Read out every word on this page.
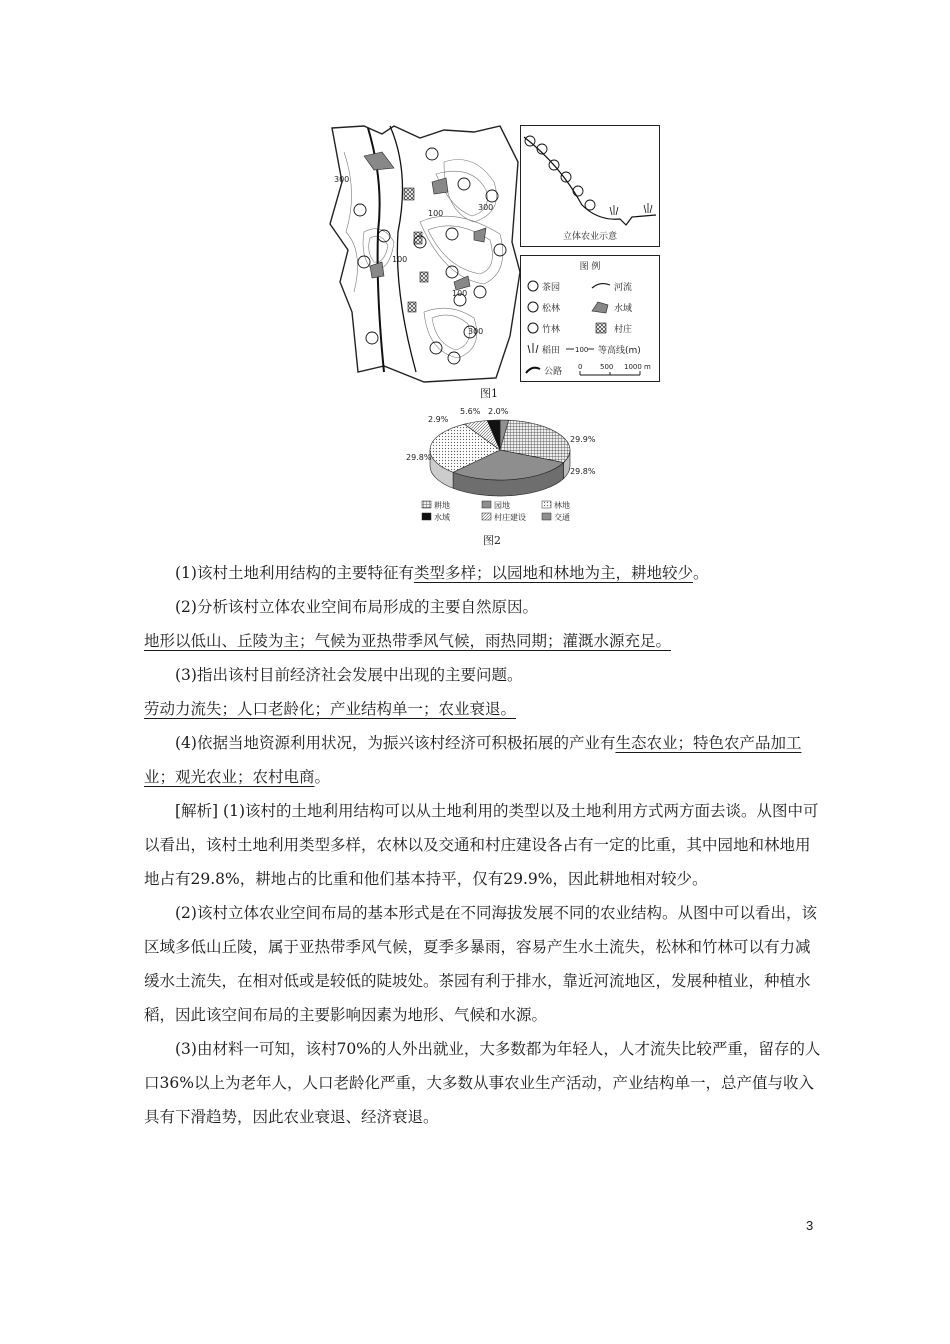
300
300
300
100
100
100
立体农业示意
图 例
茶园	河流
松林	水域
竹林	村庄
稻田 100 等高线(m)
公路 0	500 1000 m
图1
29.9%
29.8%
29.8%
2.9%
5.6% 2.0%
耕地	园地	林地
水域	村庄建设	交通
图2

(1)该村土地利用结构的主要特征有类型多样；以园地和林地为主，耕地较少。

(2)分析该村立体农业空间布局形成的主要自然原因。

地形以低山、丘陵为主；气候为亚热带季风气候，雨热同期；灌溉水源充足。

(3)指出该村目前经济社会发展中出现的主要问题。

劳动力流失；人口老龄化；产业结构单一；农业衰退。

(4)依据当地资源利用状况，为振兴该村经济可积极拓展的产业有生态农业；特色农产品加工业；观光农业；农村电商。

[解析] (1)该村的土地利用结构可以从土地利用的类型以及土地利用方式两方面去谈。从图中可以看出，该村土地利用类型多样，农林以及交通和村庄建设各占有一定的比重，其中园地和林地用地占有29.8%，耕地占的比重和他们基本持平，仅有29.9%，因此耕地相对较少。

(2)该村立体农业空间布局的基本形式是在不同海拔发展不同的农业结构。从图中可以看出，该区域多低山丘陵，属于亚热带季风气候，夏季多暴雨，容易产生水土流失，松林和竹林可以有力减缓水土流失，在相对低或是较低的陡坡处。茶园有利于排水，靠近河流地区，发展种植业，种植水稻，因此该空间布局的主要影响因素为地形、气候和水源。

(3)由材料一可知，该村70%的人外出就业，大多数都为年轻人，人才流失比较严重，留存的人口36%以上为老年人，人口老龄化严重，大多数从事农业生产活动，产业结构单一，总产值与收入具有下滑趋势，因此农业衰退、经济衰退。

3
